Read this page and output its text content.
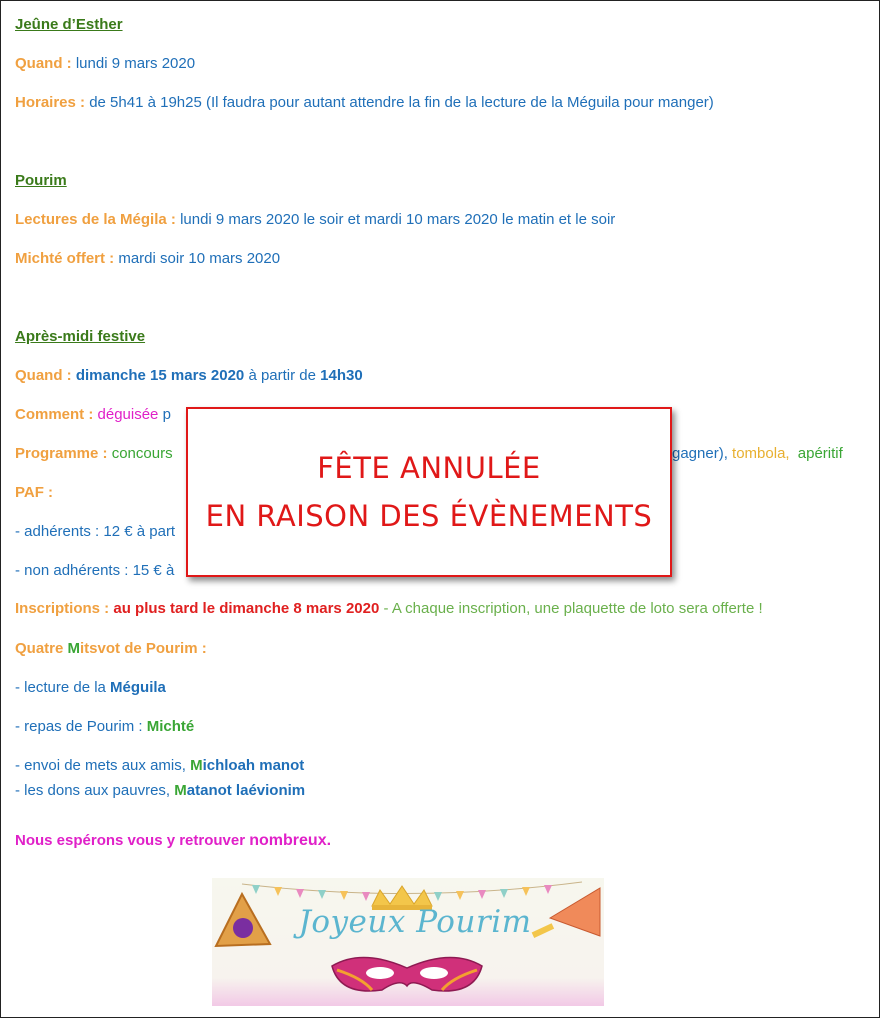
Jeûne d’Esther
Quand : lundi 9 mars 2020
Horaires : de 5h41 à 19h25 (Il faudra pour autant attendre la fin de la lecture de la Méguila pour manger)
Pourim
Lectures de la Mégila : lundi 9 mars 2020 le soir et mardi 10 mars 2020 le matin et le soir
Michté offert : mardi soir 10 mars 2020
Après-midi festive
Quand : dimanche 15 mars 2020 à partir de 14h30
Comment : déguisée p
Programme : concours	gagner), tombola, apéritif
PAF :
- adhérents : 12 € à part
- non adhérents : 15 € à
Inscriptions : au plus tard le dimanche 8 mars 2020 - A chaque inscription, une plaquette de loto sera offerte !
Quatre Mitsvot de Pourim :
- lecture de la Méguila
- repas de Pourim : Michté
- envoi de mets aux amis, Michloah manot
- les dons aux pauvres, Matanot laévionim
Nous espérons vous y retrouver nombreux.
FÊTE ANNULÉE
EN RAISON DES ÉVÈNEMENTS
Joyeux Pourim
